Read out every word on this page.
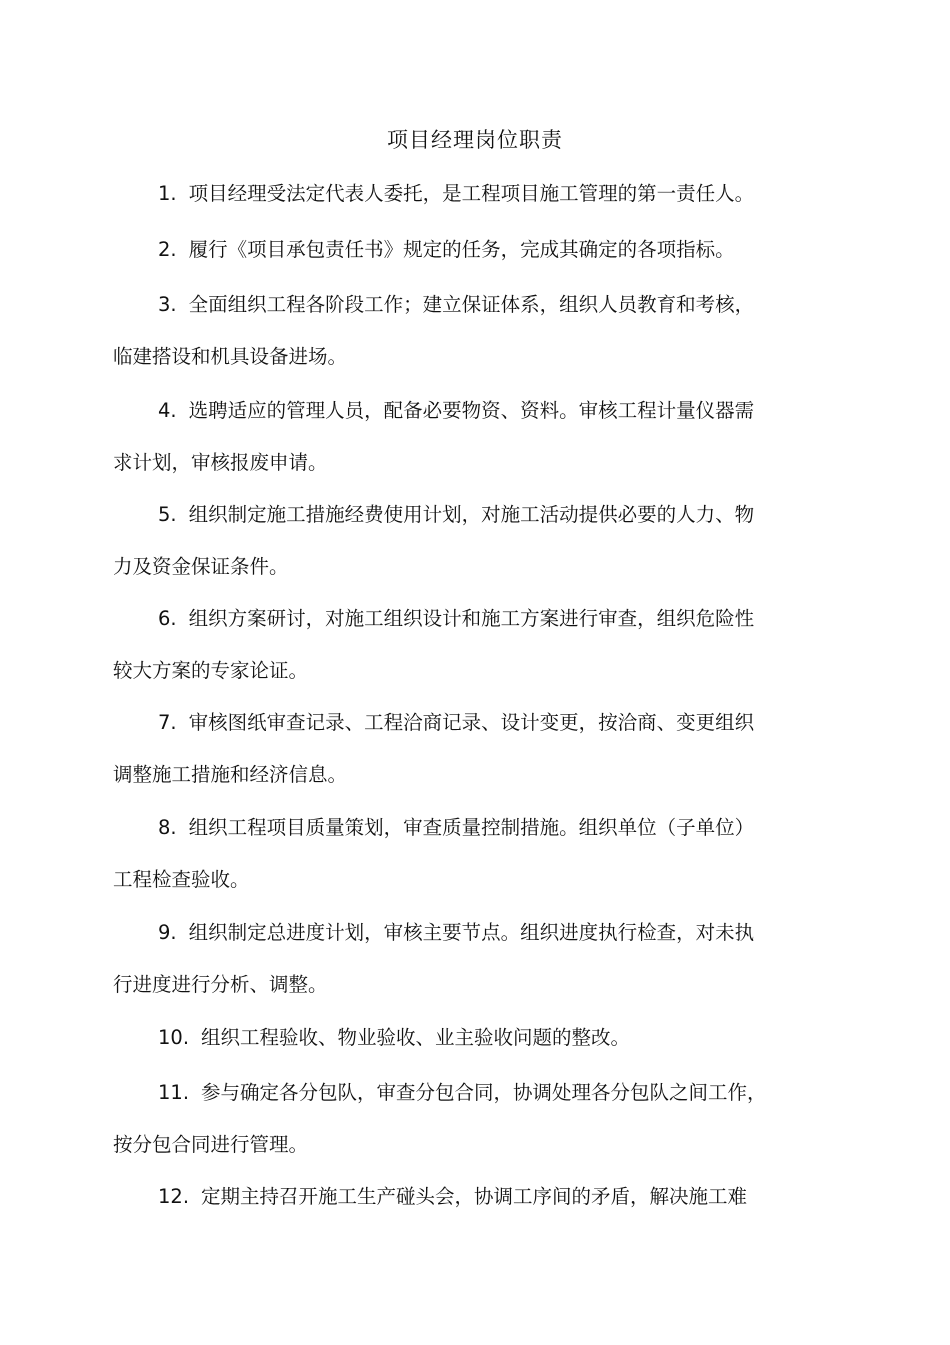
项目经理岗位职责
1. 项目经理受法定代表人委托，是工程项目施工管理的第一责任人。
2. 履行《项目承包责任书》规定的任务，完成其确定的各项指标。
3. 全面组织工程各阶段工作；建立保证体系，组织人员教育和考核，
临建搭设和机具设备进场。
4. 选聘适应的管理人员，配备必要物资、资料。审核工程计量仪器需
求计划，审核报废申请。
5. 组织制定施工措施经费使用计划，对施工活动提供必要的人力、物
力及资金保证条件。
6. 组织方案研讨，对施工组织设计和施工方案进行审查，组织危险性
较大方案的专家论证。
7. 审核图纸审查记录、工程洽商记录、设计变更，按洽商、变更组织
调整施工措施和经济信息。
8. 组织工程项目质量策划，审查质量控制措施。组织单位（子单位）
工程检查验收。
9. 组织制定总进度计划，审核主要节点。组织进度执行检查，对未执
行进度进行分析、调整。
10. 组织工程验收、物业验收、业主验收问题的整改。
11. 参与确定各分包队，审查分包合同，协调处理各分包队之间工作，
按分包合同进行管理。
12. 定期主持召开施工生产碰头会，协调工序间的矛盾，解决施工难
